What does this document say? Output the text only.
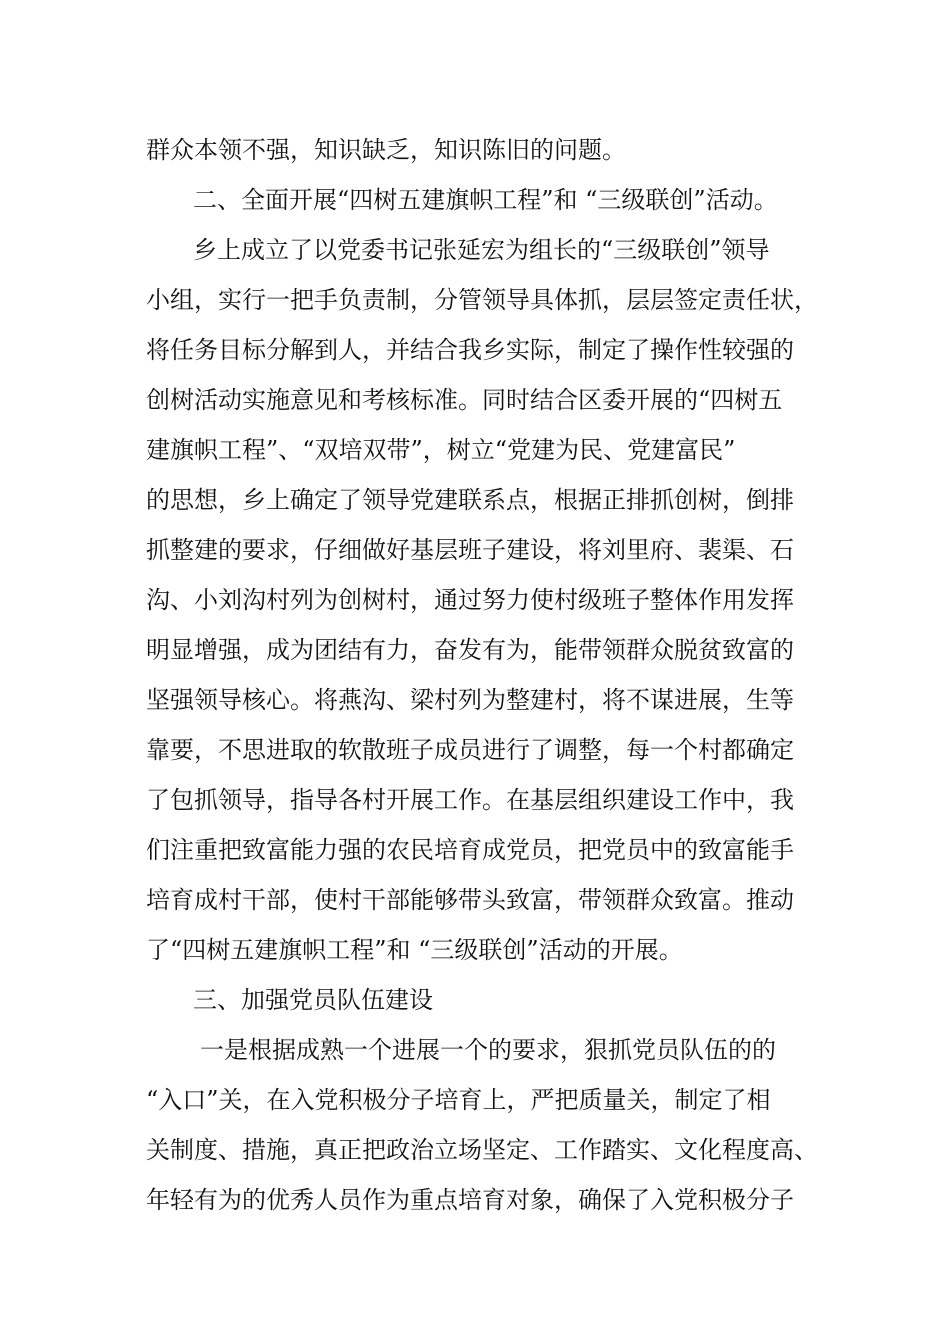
群众本领不强，知识缺乏，知识陈旧的问题。
二、全面开展“四树五建旗帜工程”和 “三级联创”活动。
乡上成立了以党委书记张延宏为组长的“三级联创”领导
小组，实行一把手负责制，分管领导具体抓，层层签定责任状，
将任务目标分解到人，并结合我乡实际，制定了操作性较强的
创树活动实施意见和考核标准。同时结合区委开展的“四树五
建旗帜工程”、“双培双带”，树立“党建为民、党建富民”
的思想，乡上确定了领导党建联系点，根据正排抓创树，倒排
抓整建的要求，仔细做好基层班子建设，将刘里府、裴渠、石
沟、小刘沟村列为创树村，通过努力使村级班子整体作用发挥
明显增强，成为团结有力，奋发有为，能带领群众脱贫致富的
坚强领导核心。将燕沟、梁村列为整建村，将不谋进展，生等
靠要，不思进取的软散班子成员进行了调整，每一个村都确定
了包抓领导，指导各村开展工作。在基层组织建设工作中，我
们注重把致富能力强的农民培育成党员，把党员中的致富能手
培育成村干部，使村干部能够带头致富，带领群众致富。推动
了“四树五建旗帜工程”和 “三级联创”活动的开展。
三、加强党员队伍建设
一是根据成熟一个进展一个的要求，狠抓党员队伍的的
“入口”关，在入党积极分子培育上，严把质量关，制定了相
关制度、措施，真正把政治立场坚定、工作踏实、文化程度高、
年轻有为的优秀人员作为重点培育对象，确保了入党积极分子
